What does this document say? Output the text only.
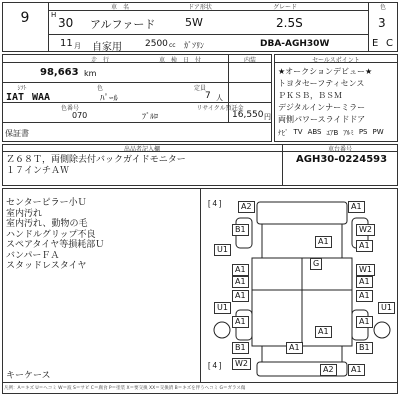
9
車　名	ドア形状	グレード	色
H
30 アルファード	5W	2.5S	3
11 月 自家用	2500 cc ｶﾞｿﾘﾝ	DBA-AGH30W	E C
走　行	車　検　日　付	内装
98,663 km
ｼﾌﾄ	色	定員
IAT WAA	ﾊﾟｰﾙ	7 人
色番号	リサイクル預託金
070	ﾌﾞﾙﾛ	16,550 円
保証書
セールスポイント
★オークションデビュー★
トヨタセーフティセンス
ＰＫＳＢ，ＢＳＭ
デジタルインナーミラー
両側パワースライドドア
ﾅﾋﾞ TV ABS ｴｱB ｱﾙﾐ PS PW
出品者記入欄	車台番号
Ｚ６８Ｔ，両側除去付バックガイドモニター
１７インチＡＷ
AGH30-0224593
センターピラー小Ｕ
室内汚れ
室内汚れ、動物の毛
ハンドルグリップ不良
スペアタイヤ等損耗部Ｕ
バンパーＦＡ
スタッドレスタイヤ
キーケース
[ 4 ]
[ 4 ]
A2	A1
B1	W2
A1	A1
U1
G
A1	W1
A1	A1
A1
U1
A1
U1
A1	A1
A1
A1
B1	B1
W2
A2	A1
凡例：A＝キズ U＝ヘコミ W＝波 S＝サビ C＝腐食 P＝塗装 X＝要交換 XX＝交換済 B＝キズを伴うヘコミ G＝ガラス傷
